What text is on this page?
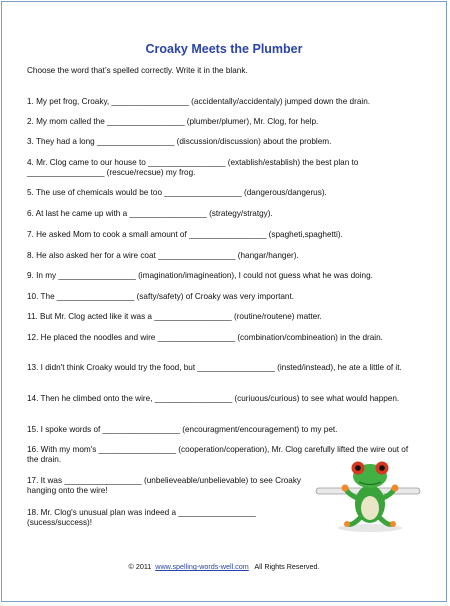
Croaky Meets the Plumber
Choose the word that’s spelled correctly. Write it in the blank.
1. My pet frog, Croaky, _________________ (accidentally/accidentaly) jumped down the drain.
2. My mom called the _________________ (plumber/plumer), Mr. Clog, for help.
3. They had a long _________________ (discussion/discussion) about the problem.
4. Mr. Clog came to our house to _________________ (extablish/establish) the best plan to _________________ (rescue/recsue) my frog.
5. The use of chemicals would be too _________________ (dangerous/dangerus).
6. At last he came up with a _________________ (strategy/stratgy).
7. He asked Mom to cook a small amount of _________________ (spagheti,spaghetti).
8. He also asked her for a wire coat _________________ (hangar/hanger).
9. In my _________________ (imagination/imagineation), I could not guess what he was doing.
10. The _________________ (safty/safety) of Croaky was very important.
11. But Mr. Clog acted like it was a _________________ (routine/routene) matter.
12. He placed the noodles and wire _________________ (combination/combineation) in the drain.
13. I didn't think Croaky would try the food, but _________________ (insted/instead), he ate a little of it.
14. Then he climbed onto the wire, _________________ (curiuous/curious) to see what would happen.
15. I spoke words of _________________ (encouragment/encouragement) to my pet.
16. With my mom's _________________ (cooperation/coperation), Mr. Clog carefully lifted the wire out of the drain.
17. It was _________________ (unbelieveable/unbelievable) to see Croaky hanging onto the wire!
18. Mr. Clog's unusual plan was indeed a _________________ (sucess/success)!
© 2011 www.spelling-words-well.com All Rights Reserved.
